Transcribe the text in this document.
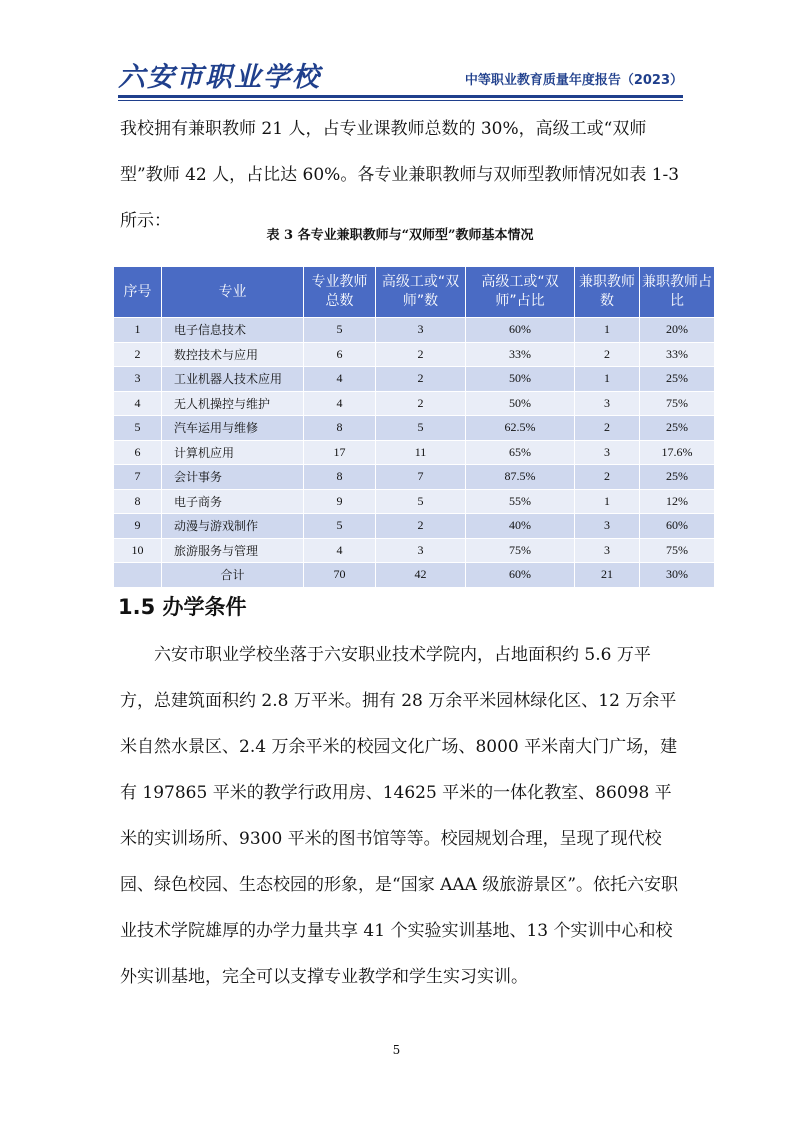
六安市职业学校	中等职业教育质量年度报告（2023）

我校拥有兼职教师 21 人，占专业课教师总数的 30%，高级工或“双师型”教师 42 人，占比达 60%。各专业兼职教师与双师型教师情况如表 1-3 所示：

表 3 各专业兼职教师与“双师型”教师基本情况
序号	专业	专业教师总数	高级工或“双师”数	高级工或“双师”占比	兼职教师数	兼职教师占比
1	电子信息技术	5	3	60%	1	20%
2	数控技术与应用	6	2	33%	2	33%
3	工业机器人技术应用	4	2	50%	1	25%
4	无人机操控与维护	4	2	50%	3	75%
5	汽车运用与维修	8	5	62.5%	2	25%
6	计算机应用	17	11	65%	3	17.6%
7	会计事务	8	7	87.5%	2	25%
8	电子商务	9	5	55%	1	12%
9	动漫与游戏制作	5	2	40%	3	60%
10	旅游服务与管理	4	3	75%	3	75%
	合计	70	42	60%	21	30%
1.5 办学条件

六安市职业学校坐落于六安职业技术学院内，占地面积约 5.6 万平方，总建筑面积约 2.8 万平米。拥有 28 万余平米园林绿化区、12 万余平米自然水景区、2.4 万余平米的校园文化广场、8000 平米南大门广场，建有 197865 平米的教学行政用房、14625 平米的一体化教室、86098 平米的实训场所、9300 平米的图书馆等等。校园规划合理，呈现了现代校园、绿色校园、生态校园的形象，是“国家 AAA 级旅游景区”。依托六安职业技术学院雄厚的办学力量共享 41 个实验实训基地、13 个实训中心和校外实训基地，完全可以支撑专业教学和学生实习实训。

5
